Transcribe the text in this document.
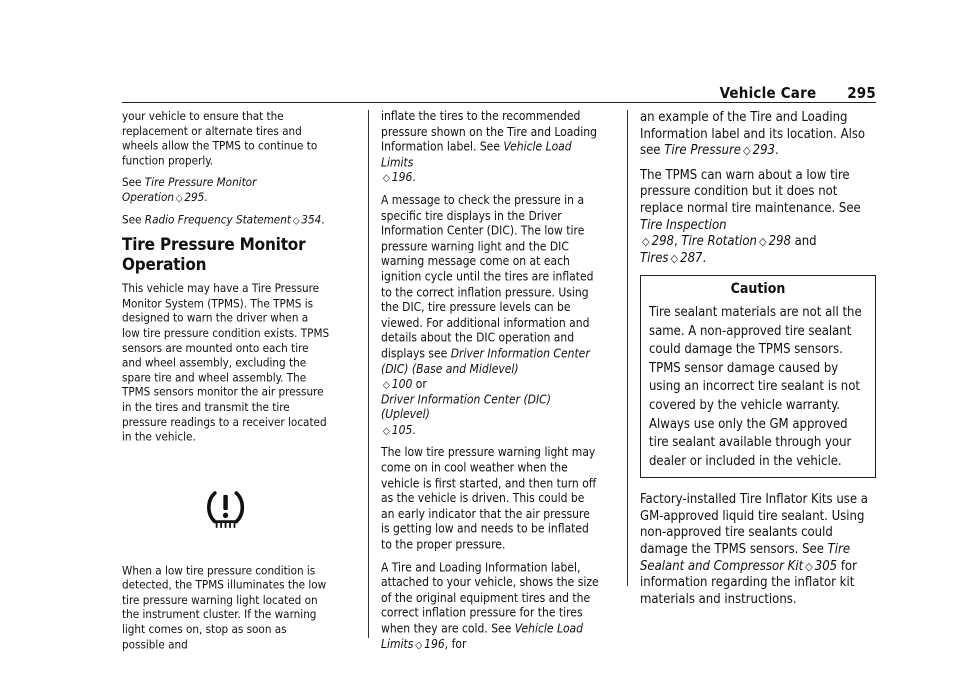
Vehicle Care 295

your vehicle to ensure that the replacement or alternate tires and wheels allow the TPMS to continue to function properly.

See Tire Pressure Monitor Operation ◇ 295.

See Radio Frequency Statement ◇ 354.

Tire Pressure Monitor Operation

This vehicle may have a Tire Pressure Monitor System (TPMS). The TPMS is designed to warn the driver when a low tire pressure condition exists. TPMS sensors are mounted onto each tire and wheel assembly, excluding the spare tire and wheel assembly. The TPMS sensors monitor the air pressure in the tires and transmit the tire pressure readings to a receiver located in the vehicle.

When a low tire pressure condition is detected, the TPMS illuminates the low tire pressure warning light located on the instrument cluster. If the warning light comes on, stop as soon as possible and

inflate the tires to the recommended pressure shown on the Tire and Loading Information label. See Vehicle Load Limits
◇ 196.

A message to check the pressure in a specific tire displays in the Driver Information Center (DIC). The low tire pressure warning light and the DIC warning message come on at each ignition cycle until the tires are inflated to the correct inflation pressure. Using the DIC, tire pressure levels can be viewed. For additional information and details about the DIC operation and displays see Driver Information Center (DIC) (Base and Midlevel)
◇ 100 or
Driver Information Center (DIC) (Uplevel)
◇ 105.

The low tire pressure warning light may come on in cool weather when the vehicle is first started, and then turn off as the vehicle is driven. This could be an early indicator that the air pressure is getting low and needs to be inflated to the proper pressure.

A Tire and Loading Information label, attached to your vehicle, shows the size of the original equipment tires and the correct inflation pressure for the tires when they are cold. See Vehicle Load Limits ◇ 196, for

an example of the Tire and Loading Information label and its location. Also see Tire Pressure ◇ 293.

The TPMS can warn about a low tire pressure condition but it does not replace normal tire maintenance. See Tire Inspection
◇ 298, Tire Rotation ◇ 298 and
Tires ◇ 287.

Caution
Tire sealant materials are not all the same. A non-approved tire sealant could damage the TPMS sensors. TPMS sensor damage caused by using an incorrect tire sealant is not covered by the vehicle warranty. Always use only the GM approved tire sealant available through your dealer or included in the vehicle.

Factory-installed Tire Inflator Kits use a GM-approved liquid tire sealant. Using non-approved tire sealants could damage the TPMS sensors. See Tire Sealant and Compressor Kit ◇ 305 for information regarding the inflator kit materials and instructions.
